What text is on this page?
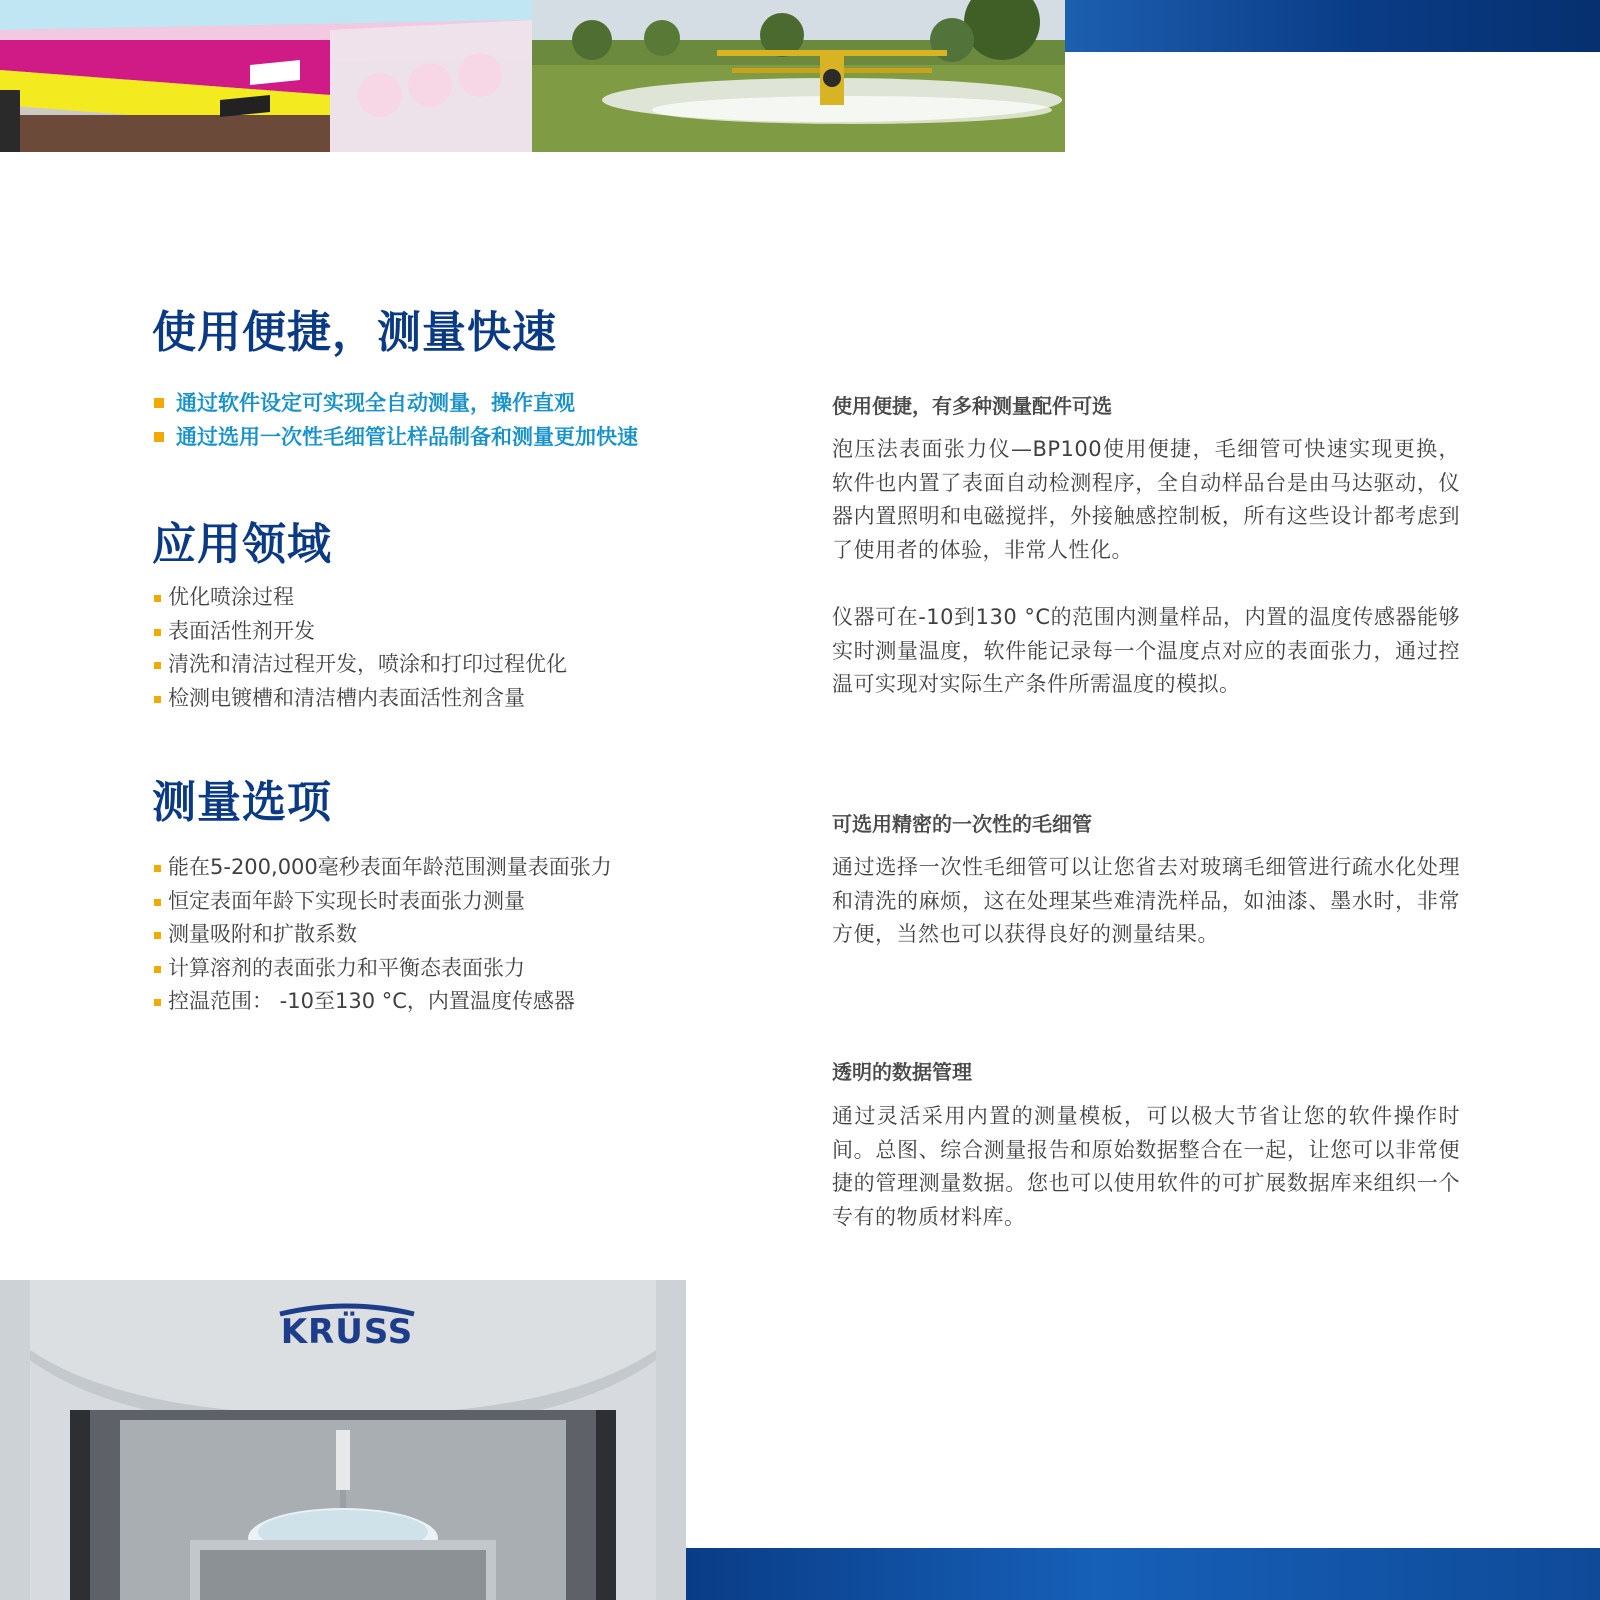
使用便捷，测量快速
通过软件设定可实现全自动测量，操作直观
通过选用一次性毛细管让样品制备和测量更加快速
应用领域
优化喷涂过程
表面活性剂开发
清洗和清洁过程开发，喷涂和打印过程优化
检测电镀槽和清洁槽内表面活性剂含量
测量选项
能在5-200,000毫秒表面年龄范围测量表面张力
恒定表面年龄下实现长时表面张力测量
测量吸附和扩散系数
计算溶剂的表面张力和平衡态表面张力
控温范围： -10至130 °C，内置温度传感器
使用便捷，有多种测量配件可选

泡压法表面张力仪—BP100使用便捷，毛细管可快速实现更换，软件也内置了表面自动检测程序，全自动样品台是由马达驱动，仪器内置照明和电磁搅拌，外接触感控制板，所有这些设计都考虑到了使用者的体验，非常人性化。

仪器可在-10到130 °C的范围内测量样品，内置的温度传感器能够实时测量温度，软件能记录每一个温度点对应的表面张力，通过控温可实现对实际生产条件所需温度的模拟。

可选用精密的一次性的毛细管

通过选择一次性毛细管可以让您省去对玻璃毛细管进行疏水化处理和清洗的麻烦，这在处理某些难清洗样品，如油漆、墨水时，非常方便，当然也可以获得良好的测量结果。

透明的数据管理

通过灵活采用内置的测量模板，可以极大节省让您的软件操作时间。总图、综合测量报告和原始数据整合在一起，让您可以非常便捷的管理测量数据。您也可以使用软件的可扩展数据库来组织一个专有的物质材料库。

KRÜSS
